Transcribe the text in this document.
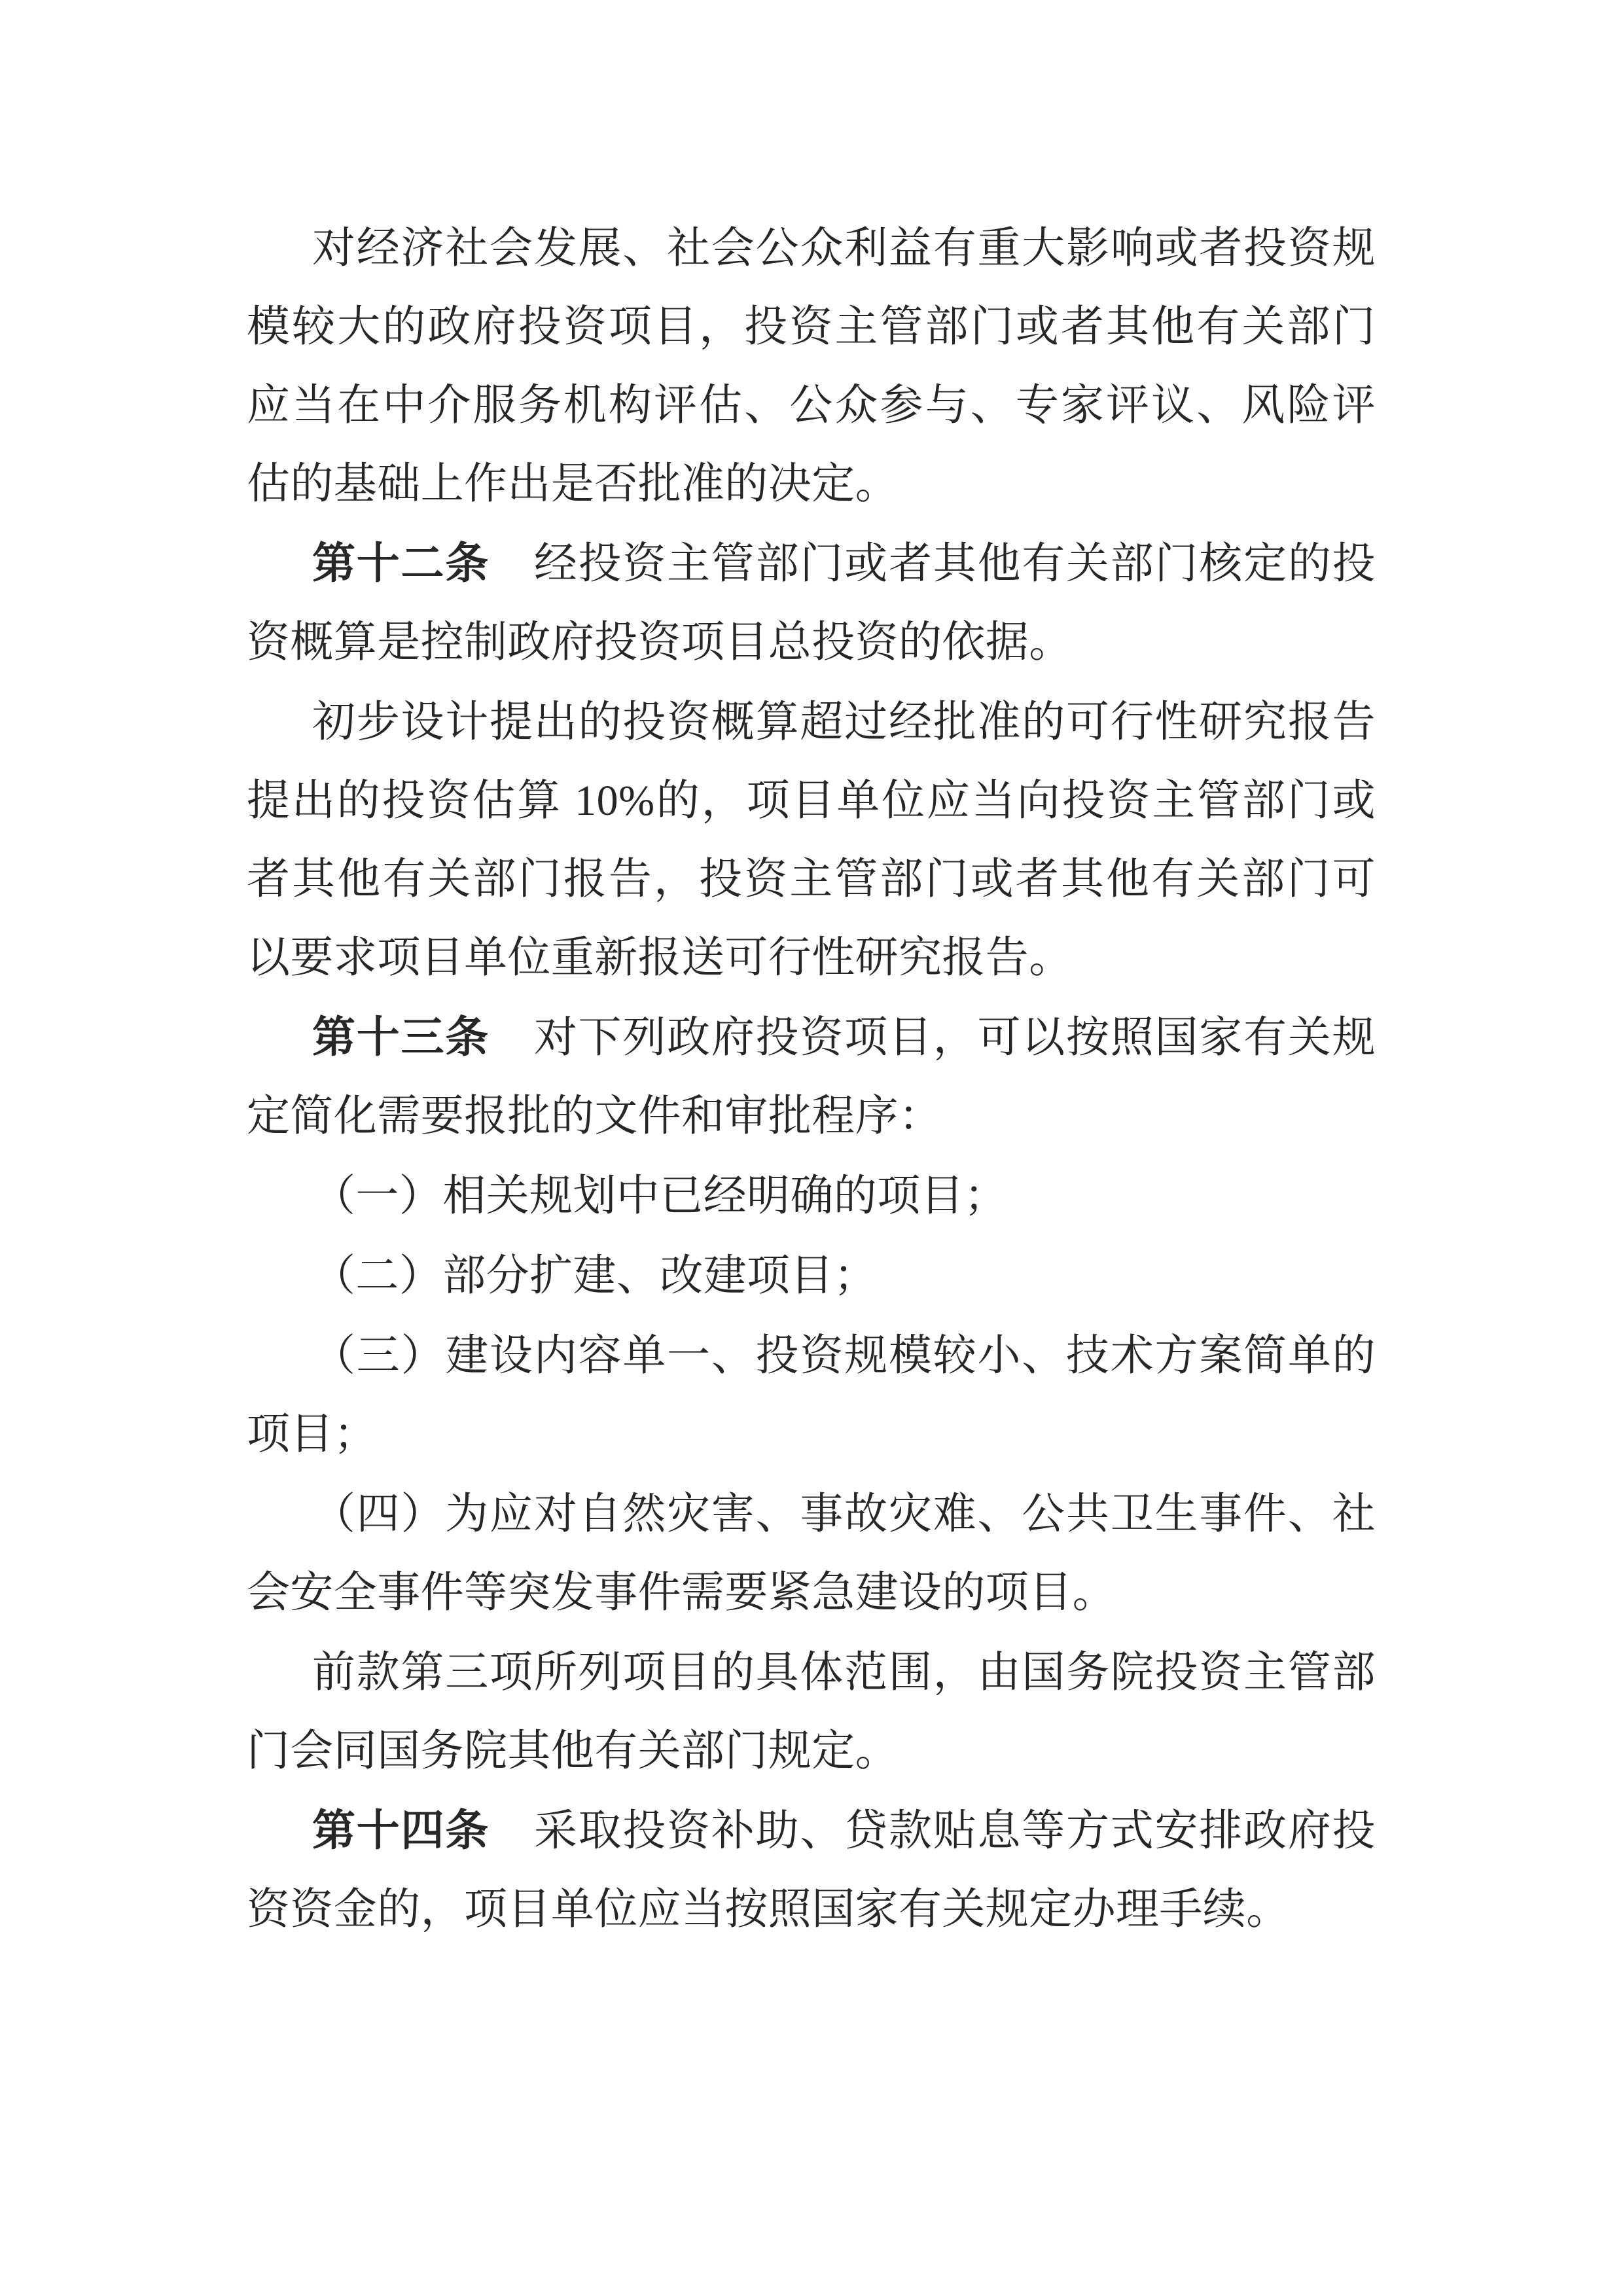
对经济社会发展、社会公众利益有重大影响或者投资规模较大的政府投资项目，投资主管部门或者其他有关部门应当在中介服务机构评估、公众参与、专家评议、风险评估的基础上作出是否批准的决定。

第十二条　经投资主管部门或者其他有关部门核定的投资概算是控制政府投资项目总投资的依据。

初步设计提出的投资概算超过经批准的可行性研究报告提出的投资估算 10%的，项目单位应当向投资主管部门或者其他有关部门报告，投资主管部门或者其他有关部门可以要求项目单位重新报送可行性研究报告。

第十三条　对下列政府投资项目，可以按照国家有关规定简化需要报批的文件和审批程序：

（一）相关规划中已经明确的项目；

（二）部分扩建、改建项目；

（三）建设内容单一、投资规模较小、技术方案简单的项目；

（四）为应对自然灾害、事故灾难、公共卫生事件、社会安全事件等突发事件需要紧急建设的项目。

前款第三项所列项目的具体范围，由国务院投资主管部门会同国务院其他有关部门规定。

第十四条　采取投资补助、贷款贴息等方式安排政府投资资金的，项目单位应当按照国家有关规定办理手续。
